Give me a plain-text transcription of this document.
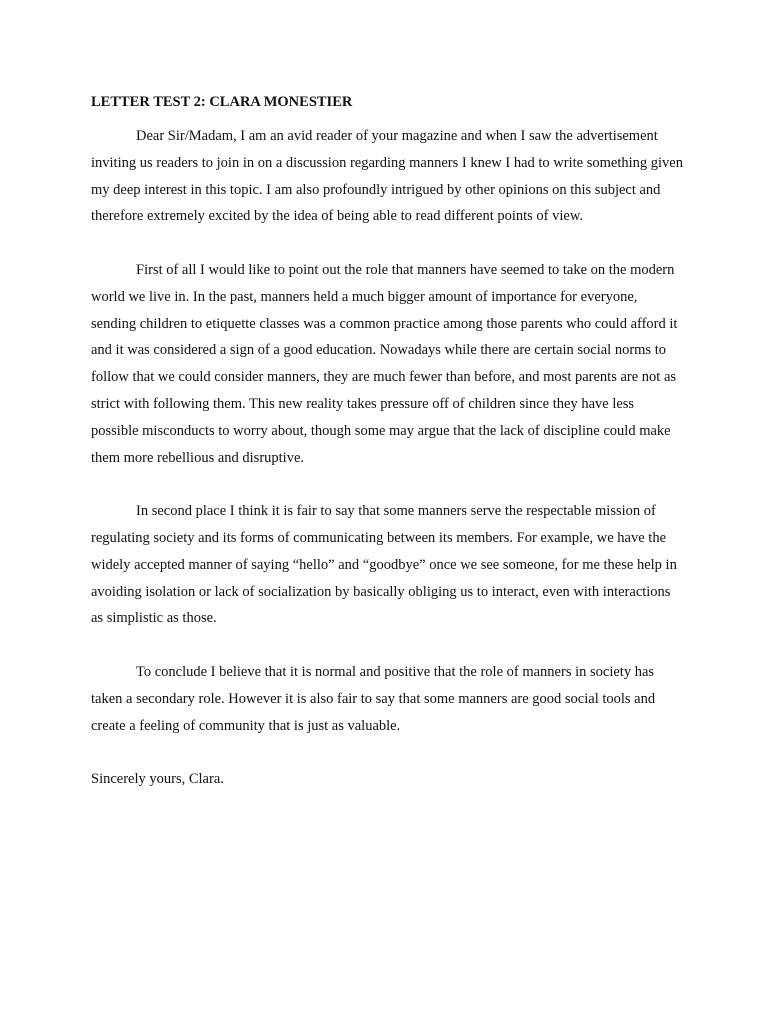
LETTER TEST 2: CLARA MONESTIER

Dear Sir/Madam, I am an avid reader of your magazine and when I saw the advertisement inviting us readers to join in on a discussion regarding manners I knew I had to write something given my deep interest in this topic. I am also profoundly intrigued by other opinions on this subject and therefore extremely excited by the idea of being able to read different points of view.

First of all I would like to point out the role that manners have seemed to take on the modern world we live in. In the past, manners held a much bigger amount of importance for everyone, sending children to etiquette classes was a common practice among those parents who could afford it and it was considered a sign of a good education. Nowadays while there are certain social norms to follow that we could consider manners, they are much fewer than before, and most parents are not as strict with following them. This new reality takes pressure off of children since they have less possible misconducts to worry about, though some may argue that the lack of discipline could make them more rebellious and disruptive.

In second place I think it is fair to say that some manners serve the respectable mission of regulating society and its forms of communicating between its members. For example, we have the widely accepted manner of saying “hello” and “goodbye” once we see someone, for me these help in avoiding isolation or lack of socialization by basically obliging us to interact, even with interactions as simplistic as those.

To conclude I believe that it is normal and positive that the role of manners in society has taken a secondary role. However it is also fair to say that some manners are good social tools and create a feeling of community that is just as valuable.

Sincerely yours, Clara.
